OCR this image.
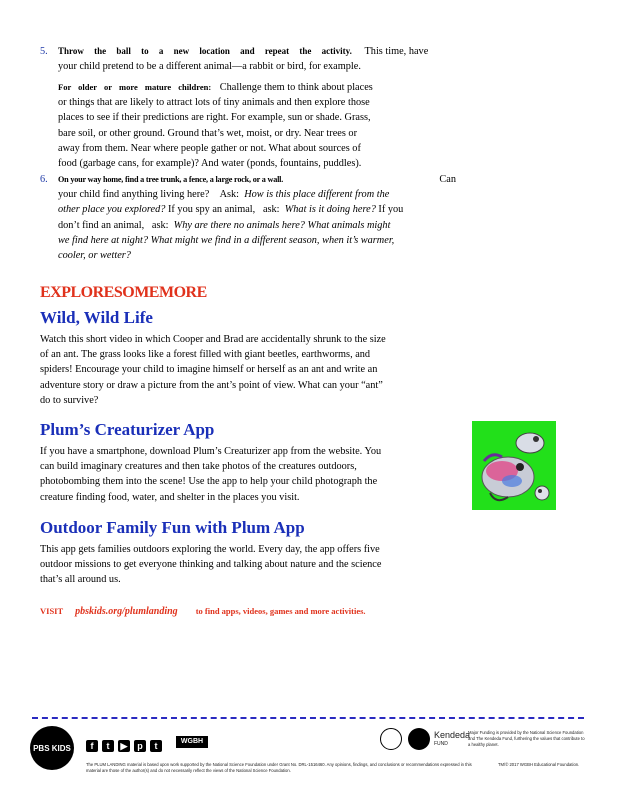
5. Throw the ball to a new location and repeat the activity. This time, have
your child pretend to be a different animal—a rabbit or bird, for example.
For older or more mature children: Challenge them to think about places
or things that are likely to attract lots of tiny animals and then explore those
places to see if their predictions are right. For example, sun or shade. Grass,
bare soil, or other ground. Ground that’s wet, moist, or dry. Near trees or
away from them. Near where people gather or not. What about sources of
food (garbage cans, for example)? And water (ponds, fountains, puddles).
6. On your way home, find a tree trunk, a fence, a large rock, or a wall.	Can
your child find anything living here? Ask: How is this place different from the
other place you explored? If you spy an animal, ask: What is it doing here? If you
don’t find an animal, ask: Why are there no animals here? What animals might
we find here at night? What might we find in a different season, when it’s warmer,
cooler, or wetter?
EXPLORESOMEMORE
Wild, Wild Life
Watch this short video in which Cooper and Brad are accidentally shrunk to the size
of an ant. The grass looks like a forest filled with giant beetles, earthworms, and
spiders! Encourage your child to imagine himself or herself as an ant and write an
adventure story or draw a picture from the ant’s point of view. What can your “ant”
do to survive?
Plum’s Creaturizer App
If you have a smartphone, download Plum’s Creaturizer app from the website. You
can build imaginary creatures and then take photos of the creatures outdoors,
photobombing them into the scene! Use the app to help your child photograph the
creature finding food, water, and shelter in the places you visit.
Outdoor Family Fun with Plum App
This app gets families outdoors exploring the world. Every day, the app offers five
outdoor missions to get everyone thinking and talking about nature and the science
that’s all around us.
VISIT pbskids.org/plumlanding to find apps, videos, games and more activities.
PBS KIDS	f t ▶ p t	WGBH
Kendeda
FUND
Major Funding is provided by the National Science Foundation and The Kendeda Fund, furthering the values that contribute to a healthy planet.
The PLUM LANDING material is based upon work supported by the National Science Foundation under Grant No. DRL-1516460. Any opinions, findings, and conclusions or recommendations expressed in this material are those of the author(s) and do not necessarily reflect the views of the National Science Foundation.
TM/© 2017 WGBH Educational Foundation.
